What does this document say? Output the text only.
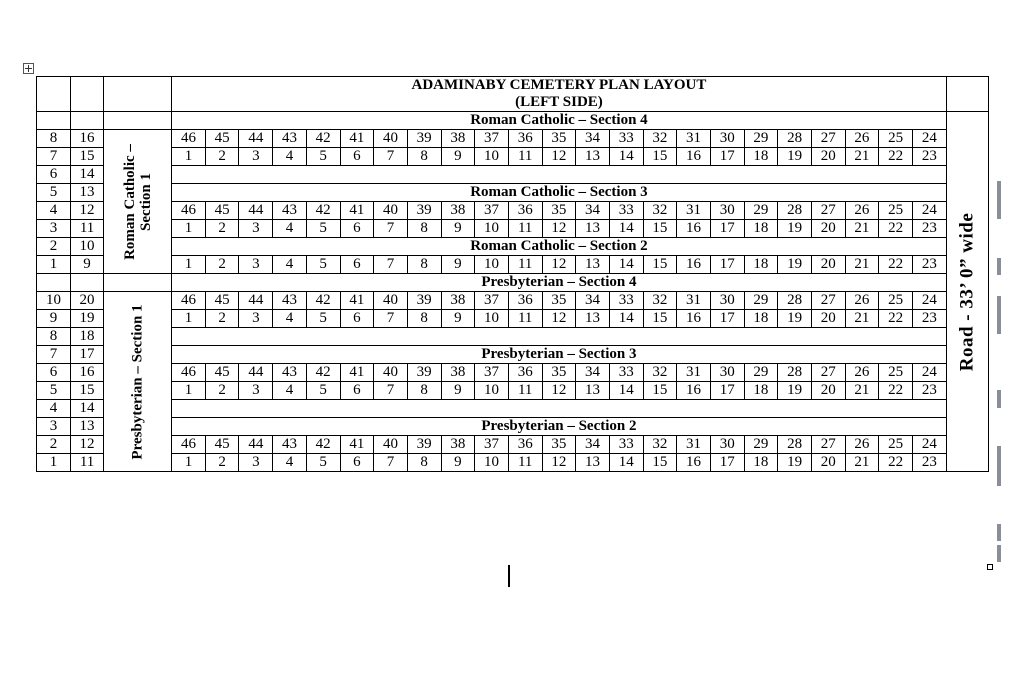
			ADAMINABY CEMETERY PLAN LAYOUT
(LEFT SIDE)																							

			Roman Catholic – Section 4																							Road - 33’ 0” wide

8	16	Roman Catholic – Section 1	46	45	44	43	42	41	40	39	38	37	36	35	34	33	32	31	30	29	28	27	26	25	24	
7	15		1	2	3	4	5	6	7	8	9	10	11	12	13	14	15	16	17	18	19	20	21	22	23	
6	14																									
5	13		Roman Catholic – Section 3																							
4	12		46	45	44	43	42	41	40	39	38	37	36	35	34	33	32	31	30	29	28	27	26	25	24	
3	11		1	2	3	4	5	6	7	8	9	10	11	12	13	14	15	16	17	18	19	20	21	22	23	
2	10		Roman Catholic – Section 2																							
1	9		1	2	3	4	5	6	7	8	9	10	11	12	13	14	15	16	17	18	19	20	21	22	23	
			Presbyterian – Section 4																							
10	20	Presbyterian – Section 1	46	45	44	43	42	41	40	39	38	37	36	35	34	33	32	31	30	29	28	27	26	25	24	
9	19		1	2	3	4	5	6	7	8	9	10	11	12	13	14	15	16	17	18	19	20	21	22	23	
8	18																									
7	17		Presbyterian – Section 3																							
6	16		46	45	44	43	42	41	40	39	38	37	36	35	34	33	32	31	30	29	28	27	26	25	24	
5	15		1	2	3	4	5	6	7	8	9	10	11	12	13	14	15	16	17	18	19	20	21	22	23	
4	14																									
3	13		Presbyterian – Section 2																							
2	12		46	45	44	43	42	41	40	39	38	37	36	35	34	33	32	31	30	29	28	27	26	25	24	
1	11		1	2	3	4	5	6	7	8	9	10	11	12	13	14	15	16	17	18	19	20	21	22	23	
